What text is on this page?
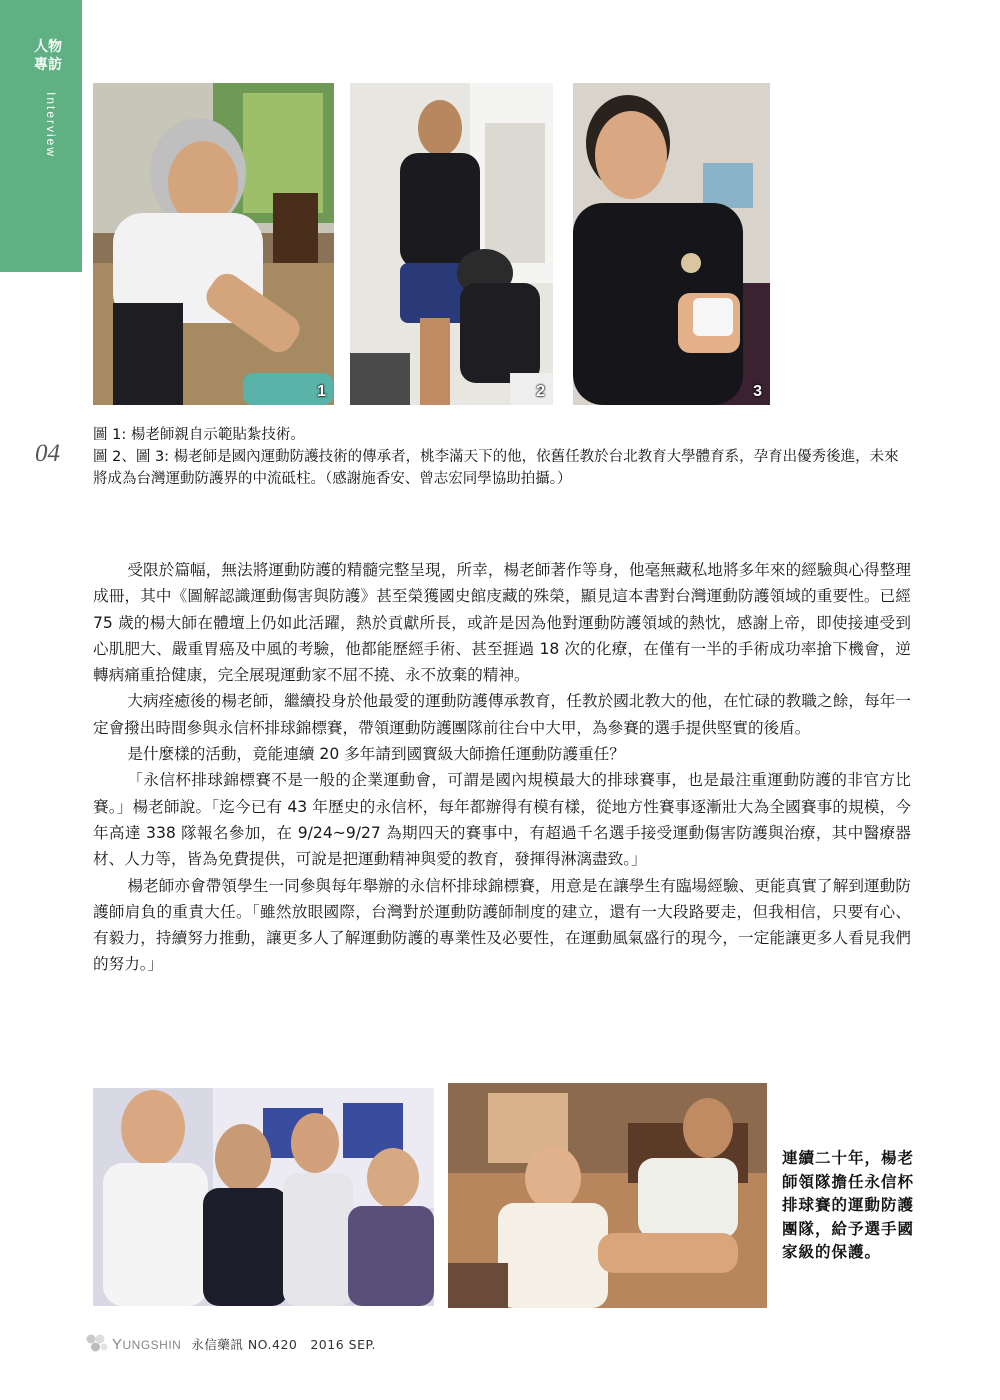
人物
專訪
Interview
04
1	2	3

圖 1: 楊老師親自示範貼紮技術。

圖 2、圖 3: 楊老師是國內運動防護技術的傳承者，桃李滿天下的他，依舊任教於台北教育大學體育系，孕育出優秀後進，未來將成為台灣運動防護界的中流砥柱。（感謝施香安、曾志宏同學協助拍攝。）

受限於篇幅，無法將運動防護的精髓完整呈現，所幸，楊老師著作等身，他毫無藏私地將多年來的經驗與心得整理成冊，其中《圖解認識運動傷害與防護》甚至榮獲國史館庋藏的殊榮，顯見這本書對台灣運動防護領域的重要性。已經 75 歲的楊大師在體壇上仍如此活躍，熱於貢獻所長，或許是因為他對運動防護領域的熱忱，感謝上帝，即使接連受到心肌肥大、嚴重胃癌及中風的考驗，他都能歷經手術、甚至捱過 18 次的化療，在僅有一半的手術成功率搶下機會，逆轉病痛重拾健康，完全展現運動家不屈不撓、永不放棄的精神。

大病痊癒後的楊老師，繼續投身於他最愛的運動防護傳承教育，任教於國北教大的他，在忙碌的教職之餘，每年一定會撥出時間參與永信杯排球錦標賽，帶領運動防護團隊前往台中大甲，為參賽的選手提供堅實的後盾。

是什麼樣的活動，竟能連續 20 多年請到國寶級大師擔任運動防護重任？

「永信杯排球錦標賽不是一般的企業運動會，可謂是國內規模最大的排球賽事，也是最注重運動防護的非官方比賽。」楊老師說。「迄今已有 43 年歷史的永信杯，每年都辦得有模有樣，從地方性賽事逐漸壯大為全國賽事的規模，今年高達 338 隊報名參加，在 9/24~9/27 為期四天的賽事中，有超過千名選手接受運動傷害防護與治療，其中醫療器材、人力等，皆為免費提供，可說是把運動精神與愛的教育，發揮得淋漓盡致。」

楊老師亦會帶領學生一同參與每年舉辦的永信杯排球錦標賽，用意是在讓學生有臨場經驗、更能真實了解到運動防護師肩負的重責大任。「雖然放眼國際，台灣對於運動防護師制度的建立，還有一大段路要走，但我相信，只要有心、有毅力，持續努力推動，讓更多人了解運動防護的專業性及必要性，在運動風氣盛行的現今，一定能讓更多人看見我們的努力。」

連續二十年，楊老師領隊擔任永信杯排球賽的運動防護團隊，給予選手國家級的保護。
YUNGSHIN 永信藥訊 NO.420　2016 SEP.
